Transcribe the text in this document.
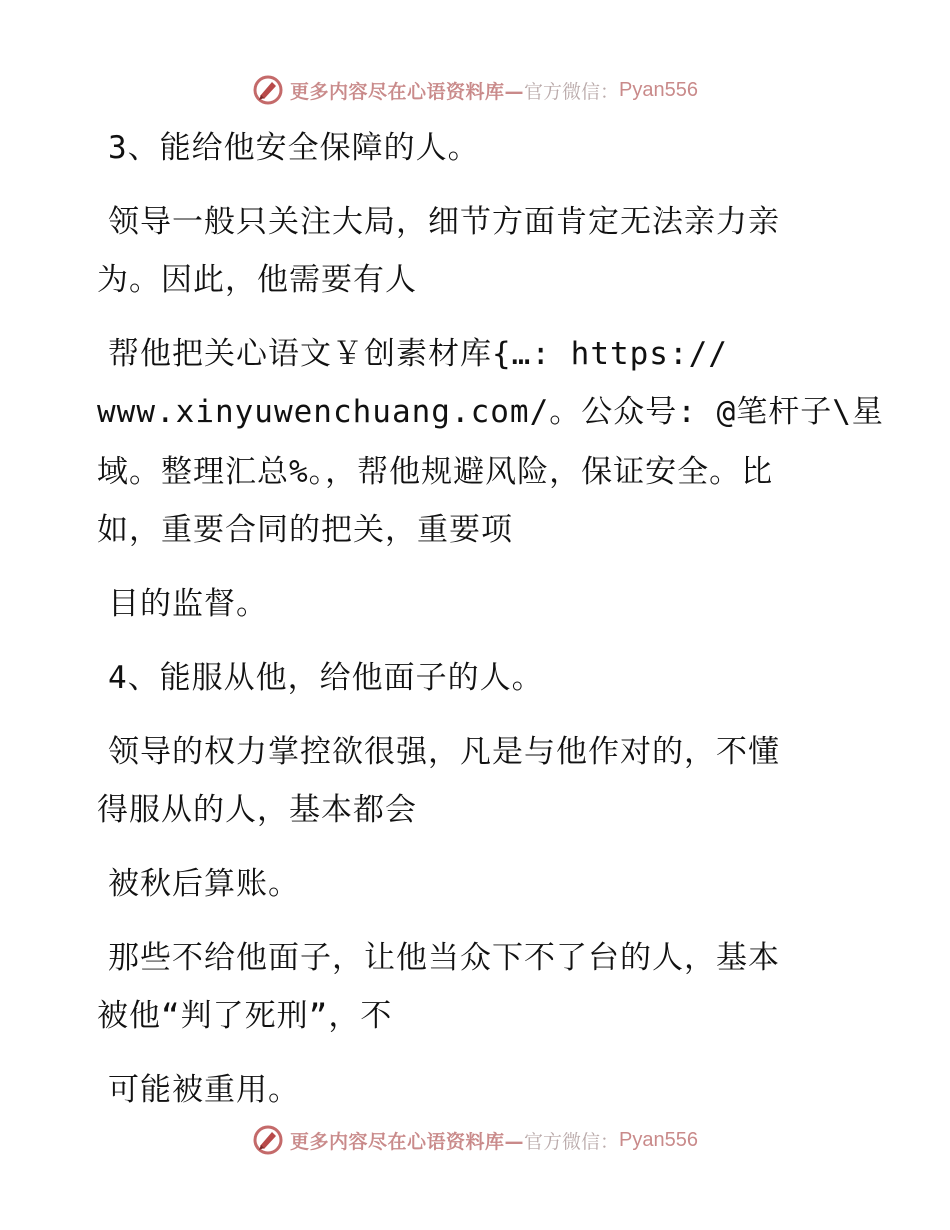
更多内容尽在心语资料库— 官方微信： Pyan556
3、能给他安全保障的人。
领导一般只关注大局，细节方面肯定无法亲力亲
为。因此，他需要有人
帮他把关心语文￥创素材库{…: https://
www.xinyuwenchuang.com/。公众号: @笔杆子\星
域。整理汇总%。，帮他规避风险，保证安全。比
如，重要合同的把关，重要项
目的监督。
4、能服从他，给他面子的人。
领导的权力掌控欲很强，凡是与他作对的，不懂
得服从的人，基本都会
被秋后算账。
那些不给他面子，让他当众下不了台的人，基本
被他“判了死刑”，不
可能被重用。
更多内容尽在心语资料库— 官方微信： Pyan556
